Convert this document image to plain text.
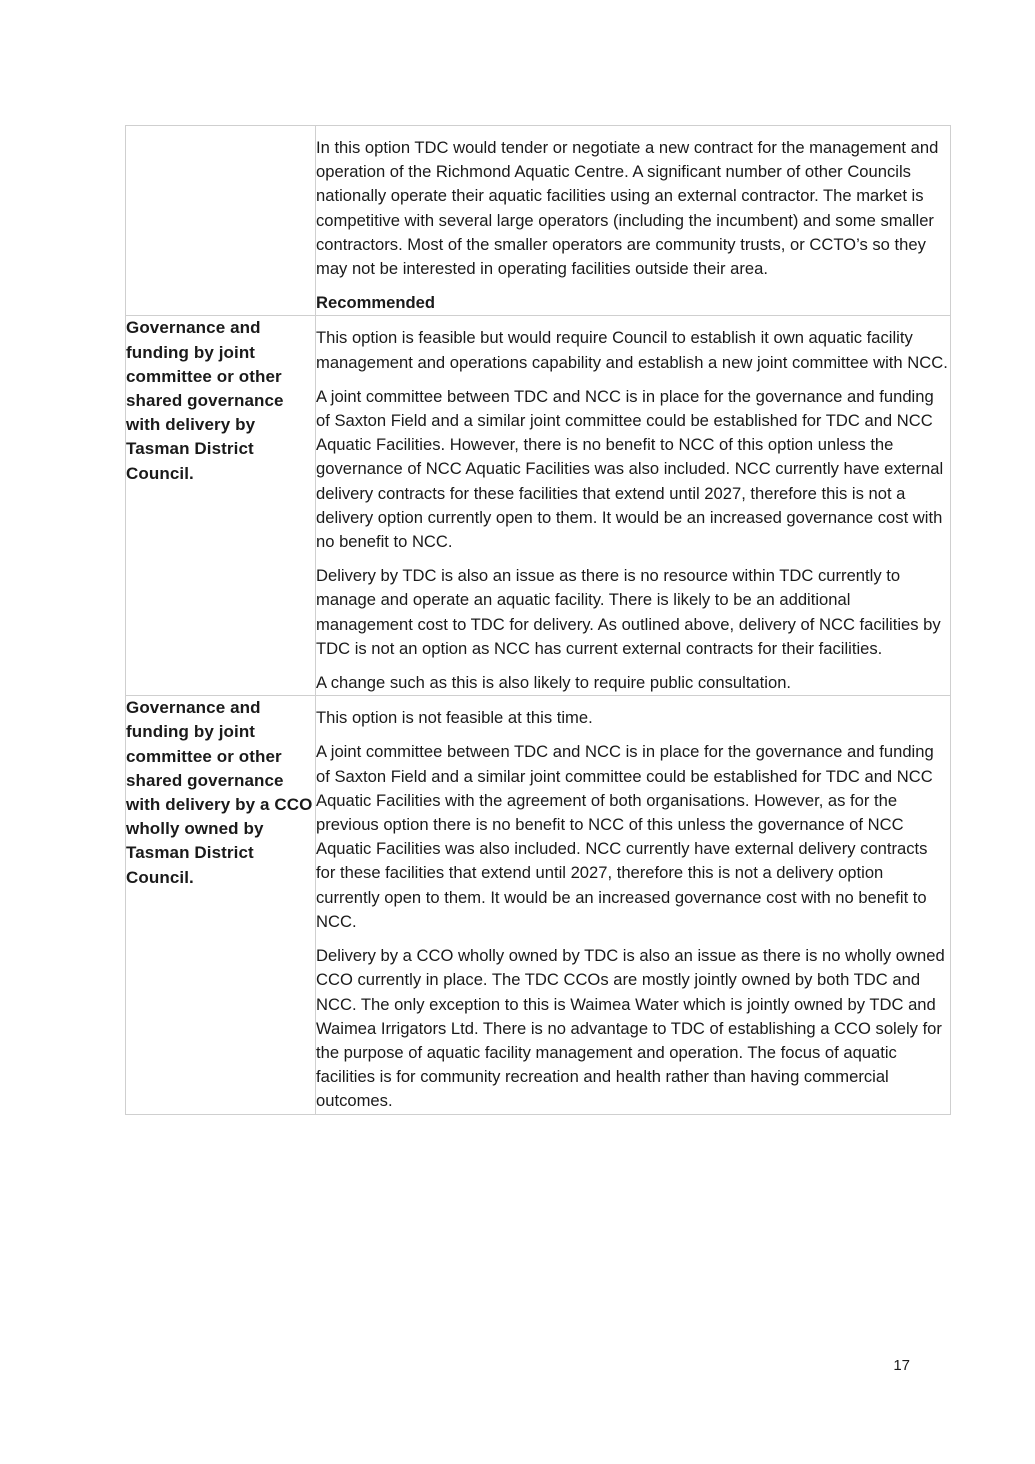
	In this option TDC would tender or negotiate a new contract for the management and operation of the Richmond Aquatic Centre. A significant number of other Councils nationally operate their aquatic facilities using an external contractor. The market is competitive with several large operators (including the incumbent) and some smaller contractors. Most of the smaller operators are community trusts, or CCTO’s so they may not be interested in operating facilities outside their area.

Recommended

Governance and funding by joint committee or other shared governance with delivery by Tasman District Council.	This option is feasible but would require Council to establish it own aquatic facility management and operations capability and establish a new joint committee with NCC.

A joint committee between TDC and NCC is in place for the governance and funding of Saxton Field and a similar joint committee could be established for TDC and NCC Aquatic Facilities. However, there is no benefit to NCC of this option unless the governance of NCC Aquatic Facilities was also included. NCC currently have external delivery contracts for these facilities that extend until 2027, therefore this is not a delivery option currently open to them. It would be an increased governance cost with no benefit to NCC.

Delivery by TDC is also an issue as there is no resource within TDC currently to manage and operate an aquatic facility. There is likely to be an additional management cost to TDC for delivery. As outlined above, delivery of NCC facilities by TDC is not an option as NCC has current external contracts for their facilities.

A change such as this is also likely to require public consultation.

Governance and funding by joint committee or other shared governance with delivery by a CCO wholly owned by Tasman District Council.	This option is not feasible at this time.

A joint committee between TDC and NCC is in place for the governance and funding of Saxton Field and a similar joint committee could be established for TDC and NCC Aquatic Facilities with the agreement of both organisations. However, as for the previous option there is no benefit to NCC of this unless the governance of NCC Aquatic Facilities was also included. NCC currently have external delivery contracts for these facilities that extend until 2027, therefore this is not a delivery option currently open to them. It would be an increased governance cost with no benefit to NCC.

Delivery by a CCO wholly owned by TDC is also an issue as there is no wholly owned CCO currently in place. The TDC CCOs are mostly jointly owned by both TDC and NCC. The only exception to this is Waimea Water which is jointly owned by TDC and Waimea Irrigators Ltd. There is no advantage to TDC of establishing a CCO solely for the purpose of aquatic facility management and operation. The focus of aquatic facilities is for community recreation and health rather than having commercial outcomes.

17
